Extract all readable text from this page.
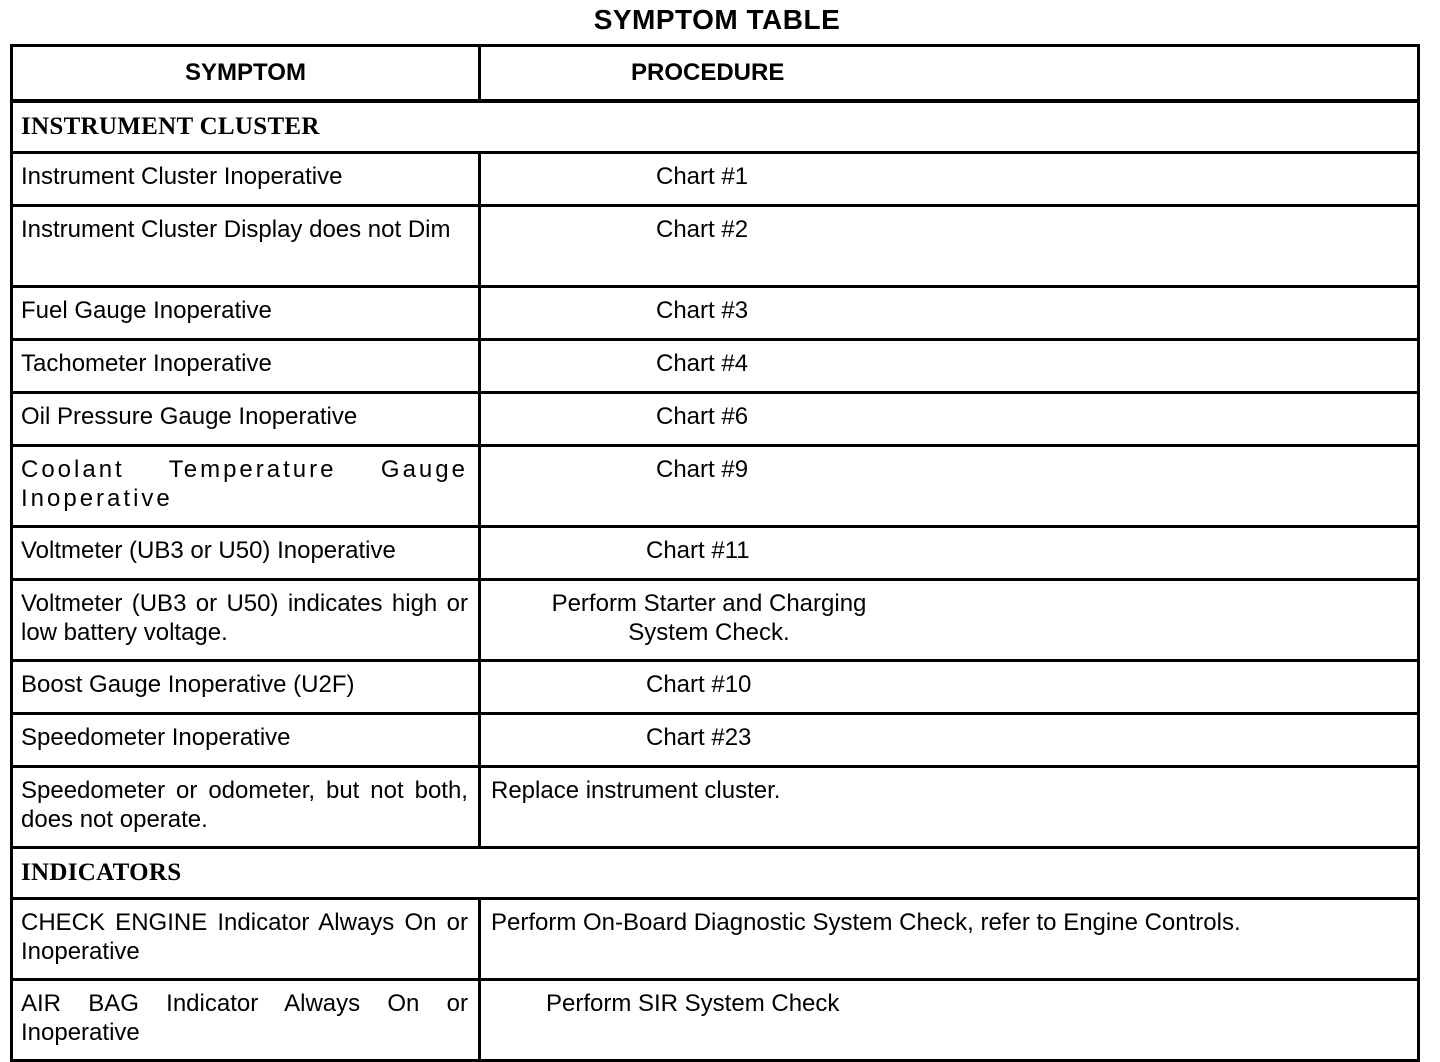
SYMPTOM TABLE
SYMPTOM	PROCEDURE
INSTRUMENT CLUSTER	
Instrument Cluster Inoperative	Chart #1
Instrument Cluster Display does not Dim	Chart #2
Fuel Gauge Inoperative	Chart #3
Tachometer Inoperative	Chart #4
Oil Pressure Gauge Inoperative	Chart #6
Coolant Temperature Gauge Inoperative	Chart #9
Voltmeter (UB3 or U50) Inoperative	Chart #11
Voltmeter (UB3 or U50) indicates high or low battery voltage.	Perform Starter and Charging
System Check.

Boost Gauge Inoperative (U2F)	Chart #10
Speedometer Inoperative	Chart #23
Speedometer or odometer, but not both, does not operate.	Replace instrument cluster.
INDICATORS	
CHECK ENGINE Indicator Always On or Inoperative	Perform On-Board Diagnostic System Check, refer to Engine Controls.
AIR BAG Indicator Always On or Inoperative	Perform SIR System Check
